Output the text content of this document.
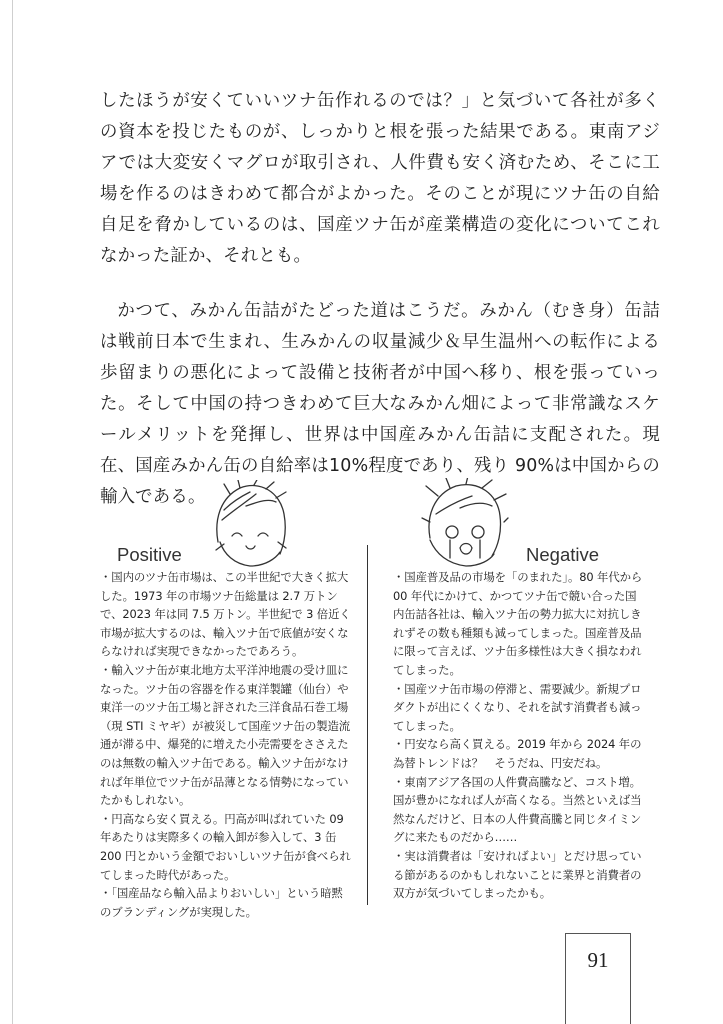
したほうが安くていいツナ缶作れるのでは？」と気づいて各社が多くの資本を投じたものが、しっかりと根を張った結果である。東南アジアでは大変安くマグロが取引され、人件費も安く済むため、そこに工場を作るのはきわめて都合がよかった。そのことが現にツナ缶の自給自足を脅かしているのは、国産ツナ缶が産業構造の変化についてこれなかった証か、それとも。

かつて、みかん缶詰がたどった道はこうだ。みかん（むき身）缶詰は戦前日本で生まれ、生みかんの収量減少＆早生温州への転作による歩留まりの悪化によって設備と技術者が中国へ移り、根を張っていった。そして中国の持つきわめて巨大なみかん畑によって非常識なスケールメリットを発揮し、世界は中国産みかん缶詰に支配された。現在、国産みかん缶の自給率は10%程度であり、残り 90%は中国からの輸入である。

Positive	Negative

・国内のツナ缶市場は、この半世紀で大きく拡大した。1973 年の市場ツナ缶総量は 2.7 万トンで、2023 年は同 7.5 万トン。半世紀で 3 倍近く市場が拡大するのは、輸入ツナ缶で底値が安くならなければ実現できなかったであろう。

・輸入ツナ缶が東北地方太平洋沖地震の受け皿になった。ツナ缶の容器を作る東洋製罐（仙台）や東洋一のツナ缶工場と評された三洋食品石巻工場（現 STI ミヤギ）が被災して国産ツナ缶の製造流通が滞る中、爆発的に増えた小売需要をささえたのは無数の輸入ツナ缶である。輸入ツナ缶がなければ年単位でツナ缶が品薄となる情勢になっていたかもしれない。

・円高なら安く買える。円高が叫ばれていた 09 年あたりは実際多くの輸入卸が参入して、3 缶 200 円とかいう金額でおいしいツナ缶が食べられてしまった時代があった。

・「国産品なら輸入品よりおいしい」という暗黙のブランディングが実現した。

・国産普及品の市場を「のまれた」。80 年代から 00 年代にかけて、かつてツナ缶で競い合った国内缶詰各社は、輸入ツナ缶の勢力拡大に対抗しきれずその数も種類も減ってしまった。国産普及品に限って言えば、ツナ缶多様性は大きく損なわれてしまった。

・国産ツナ缶市場の停滞と、需要減少。新規プロダクトが出にくくなり、それを試す消費者も減ってしまった。

・円安なら高く買える。2019 年から 2024 年の為替トレンドは？　そうだね、円安だね。

・東南アジア各国の人件費高騰など、コスト増。国が豊かになれば人が高くなる。当然といえば当然なんだけど、日本の人件費高騰と同じタイミングに来たものだから……

・実は消費者は「安ければよい」とだけ思っている節があるのかもしれないことに業界と消費者の双方が気づいてしまったかも。

91
